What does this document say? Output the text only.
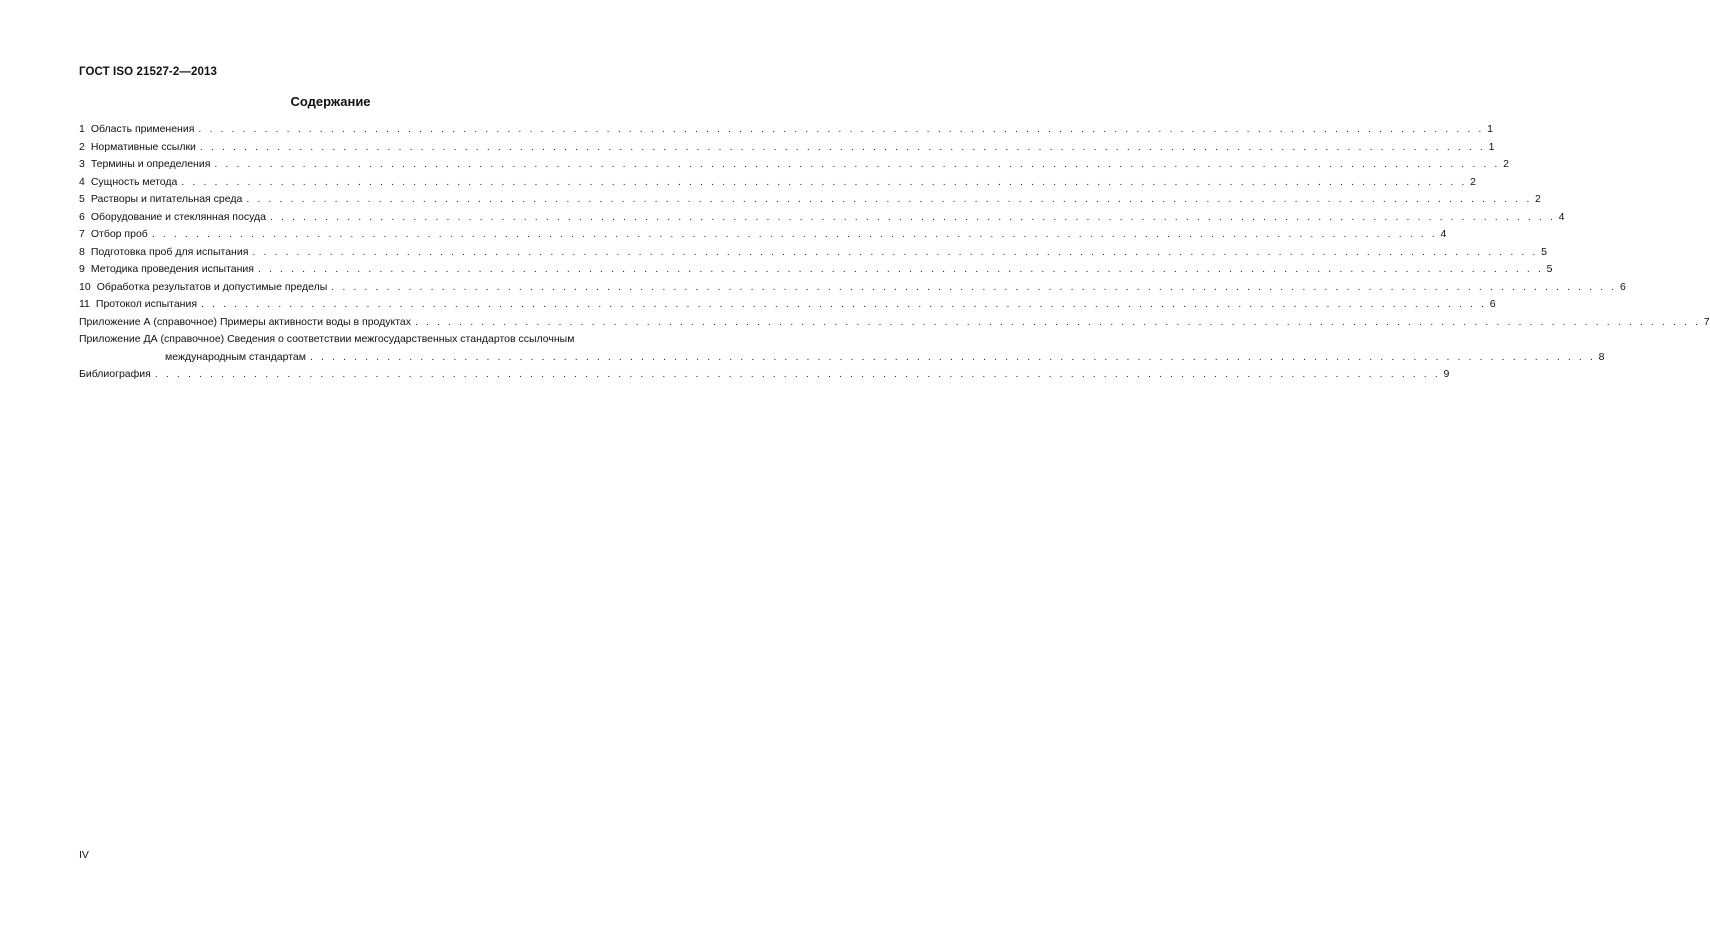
ГОСТ ISO 21527-2—2013
Содержание
1 Область применения . . . . . . . . . . . . . . . . . . . . . . . . . . . . . . . . . . . . . . . . . . . . . . . . . . . . . . . . . . . . . . . . . . . . . . . . . . . . . . . . . . . . . . . . . . . . . . . . . . . . . . . . . . . . . . . . . . . . . 1
2 Нормативные ссылки . . . . . . . . . . . . . . . . . . . . . . . . . . . . . . . . . . . . . . . . . . . . . . . . . . . . . . . . . . . . . . . . . . . . . . . . . . . . . . . . . . . . . . . . . . . . . . . . . . . . . . . . . . . . . . . . . . . . . 1
3 Термины и определения . . . . . . . . . . . . . . . . . . . . . . . . . . . . . . . . . . . . . . . . . . . . . . . . . . . . . . . . . . . . . . . . . . . . . . . . . . . . . . . . . . . . . . . . . . . . . . . . . . . . . . . . . . . . . . . . . . . . . 2
4 Сущность метода . . . . . . . . . . . . . . . . . . . . . . . . . . . . . . . . . . . . . . . . . . . . . . . . . . . . . . . . . . . . . . . . . . . . . . . . . . . . . . . . . . . . . . . . . . . . . . . . . . . . . . . . . . . . . . . . . . . . . 2
5 Растворы и питательная среда . . . . . . . . . . . . . . . . . . . . . . . . . . . . . . . . . . . . . . . . . . . . . . . . . . . . . . . . . . . . . . . . . . . . . . . . . . . . . . . . . . . . . . . . . . . . . . . . . . . . . . . . . . . . . . . . . . . . . 2
6 Оборудование и стеклянная посуда . . . . . . . . . . . . . . . . . . . . . . . . . . . . . . . . . . . . . . . . . . . . . . . . . . . . . . . . . . . . . . . . . . . . . . . . . . . . . . . . . . . . . . . . . . . . . . . . . . . . . . . . . . . . . . . . . . . . . 4
7 Отбор проб . . . . . . . . . . . . . . . . . . . . . . . . . . . . . . . . . . . . . . . . . . . . . . . . . . . . . . . . . . . . . . . . . . . . . . . . . . . . . . . . . . . . . . . . . . . . . . . . . . . . . . . . . . . . . . . . . . . . . 4
8 Подготовка проб для испытания . . . . . . . . . . . . . . . . . . . . . . . . . . . . . . . . . . . . . . . . . . . . . . . . . . . . . . . . . . . . . . . . . . . . . . . . . . . . . . . . . . . . . . . . . . . . . . . . . . . . . . . . . . . . . . . . . . . . . 5
9 Методика проведения испытания . . . . . . . . . . . . . . . . . . . . . . . . . . . . . . . . . . . . . . . . . . . . . . . . . . . . . . . . . . . . . . . . . . . . . . . . . . . . . . . . . . . . . . . . . . . . . . . . . . . . . . . . . . . . . . . . . . . . . 5
10 Обработка результатов и допустимые пределы . . . . . . . . . . . . . . . . . . . . . . . . . . . . . . . . . . . . . . . . . . . . . . . . . . . . . . . . . . . . . . . . . . . . . . . . . . . . . . . . . . . . . . . . . . . . . . . . . . . . . . . . . . . . . . . . . . . . . 6
11 Протокол испытания . . . . . . . . . . . . . . . . . . . . . . . . . . . . . . . . . . . . . . . . . . . . . . . . . . . . . . . . . . . . . . . . . . . . . . . . . . . . . . . . . . . . . . . . . . . . . . . . . . . . . . . . . . . . . . . . . . . . . 6
Приложение А (справочное) Примеры активности воды в продуктах . . . . . . . . . . . . . . . . . . . . . . . . . . . . . . . . . . . . . . . . . . . . . . . . . . . . . . . . . . . . . . . . . . . . . . . . . . . . . . . . . . . . . . . . . . . . . . . . . . . . . . . . . . . . . . . . . . . . . 7
Приложение ДА (справочное) Сведения о соответствии межгосударственных стандартов ссылочным
международным стандартам . . . . . . . . . . . . . . . . . . . . . . . . . . . . . . . . . . . . . . . . . . . . . . . . . . . . . . . . . . . . . . . . . . . . . . . . . . . . . . . . . . . . . . . . . . . . . . . . . . . . . . . . . . . . . . . . . . . . . 8
Библиография . . . . . . . . . . . . . . . . . . . . . . . . . . . . . . . . . . . . . . . . . . . . . . . . . . . . . . . . . . . . . . . . . . . . . . . . . . . . . . . . . . . . . . . . . . . . . . . . . . . . . . . . . . . . . . . . . . . . . 9
IV
